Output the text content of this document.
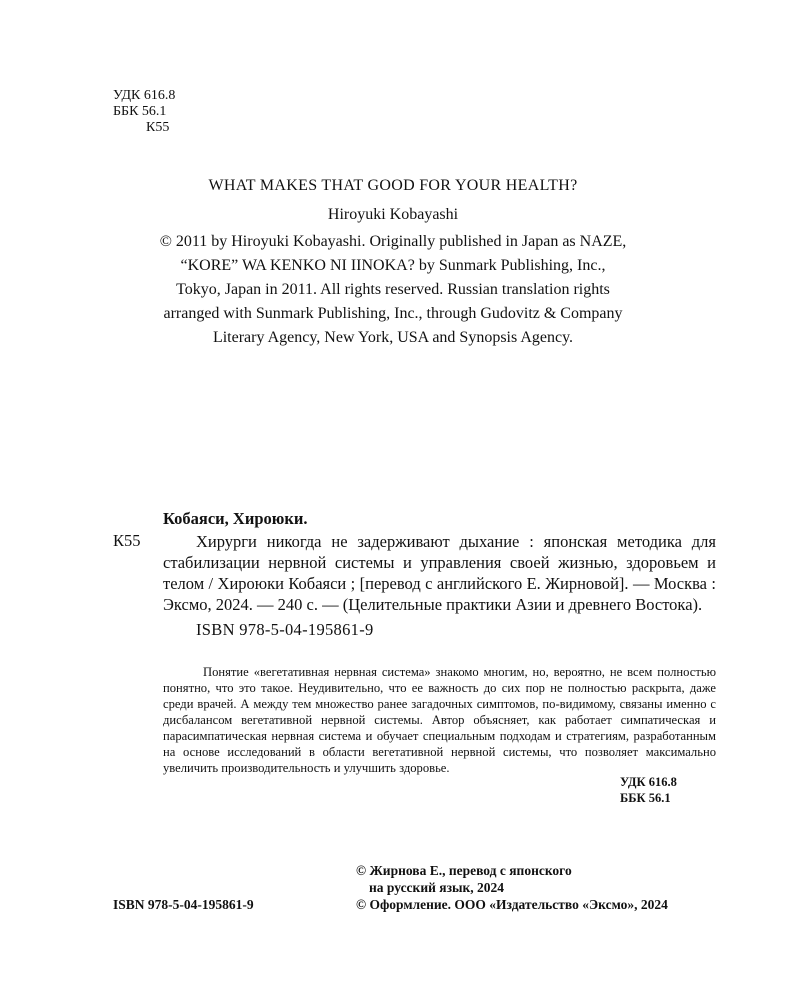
УДК 616.8
ББК 56.1
К55
WHAT MAKES THAT GOOD FOR YOUR HEALTH?
Hiroyuki Kobayashi
© 2011 by Hiroyuki Kobayashi. Originally published in Japan as NAZE,
“KORE” WA KENKO NI IINOKA? by Sunmark Publishing, Inc.,
Tokyo, Japan in 2011. All rights reserved. Russian translation rights
arranged with Sunmark Publishing, Inc., through Gudovitz & Company
Literary Agency, New York, USA and Synopsis Agency.
К55
Кобаяси, Хироюки.
Хирурги никогда не задерживают дыхание : японская методика для стабилизации нервной системы и управления своей жизнью, здоровьем и телом / Хироюки Кобаяси ; [перевод с английского Е. Жирновой]. — Москва : Эксмо, 2024. — 240 с. — (Целительные практики Азии и древнего Востока).
ISBN 978-5-04-195861-9
Понятие «вегетативная нервная система» знакомо многим, но, вероятно, не всем полностью понятно, что это такое. Неудивительно, что ее важность до сих пор не полностью раскрыта, даже среди врачей. А между тем множество ранее загадочных симптомов, по-видимому, связаны именно с дисбалансом вегетативной нервной системы. Автор объясняет, как работает симпатическая и парасимпатическая нервная система и обучает специальным подходам и стратегиям, разработанным на основе исследований в области вегетативной нервной системы, что позволяет максимально увеличить производительность и улучшить здоровье.
УДК 616.8
ББК 56.1
© Жирнова Е., перевод с японского
на русский язык, 2024
© Оформление. ООО «Издательство «Эксмо», 2024
ISBN 978-5-04-195861-9
